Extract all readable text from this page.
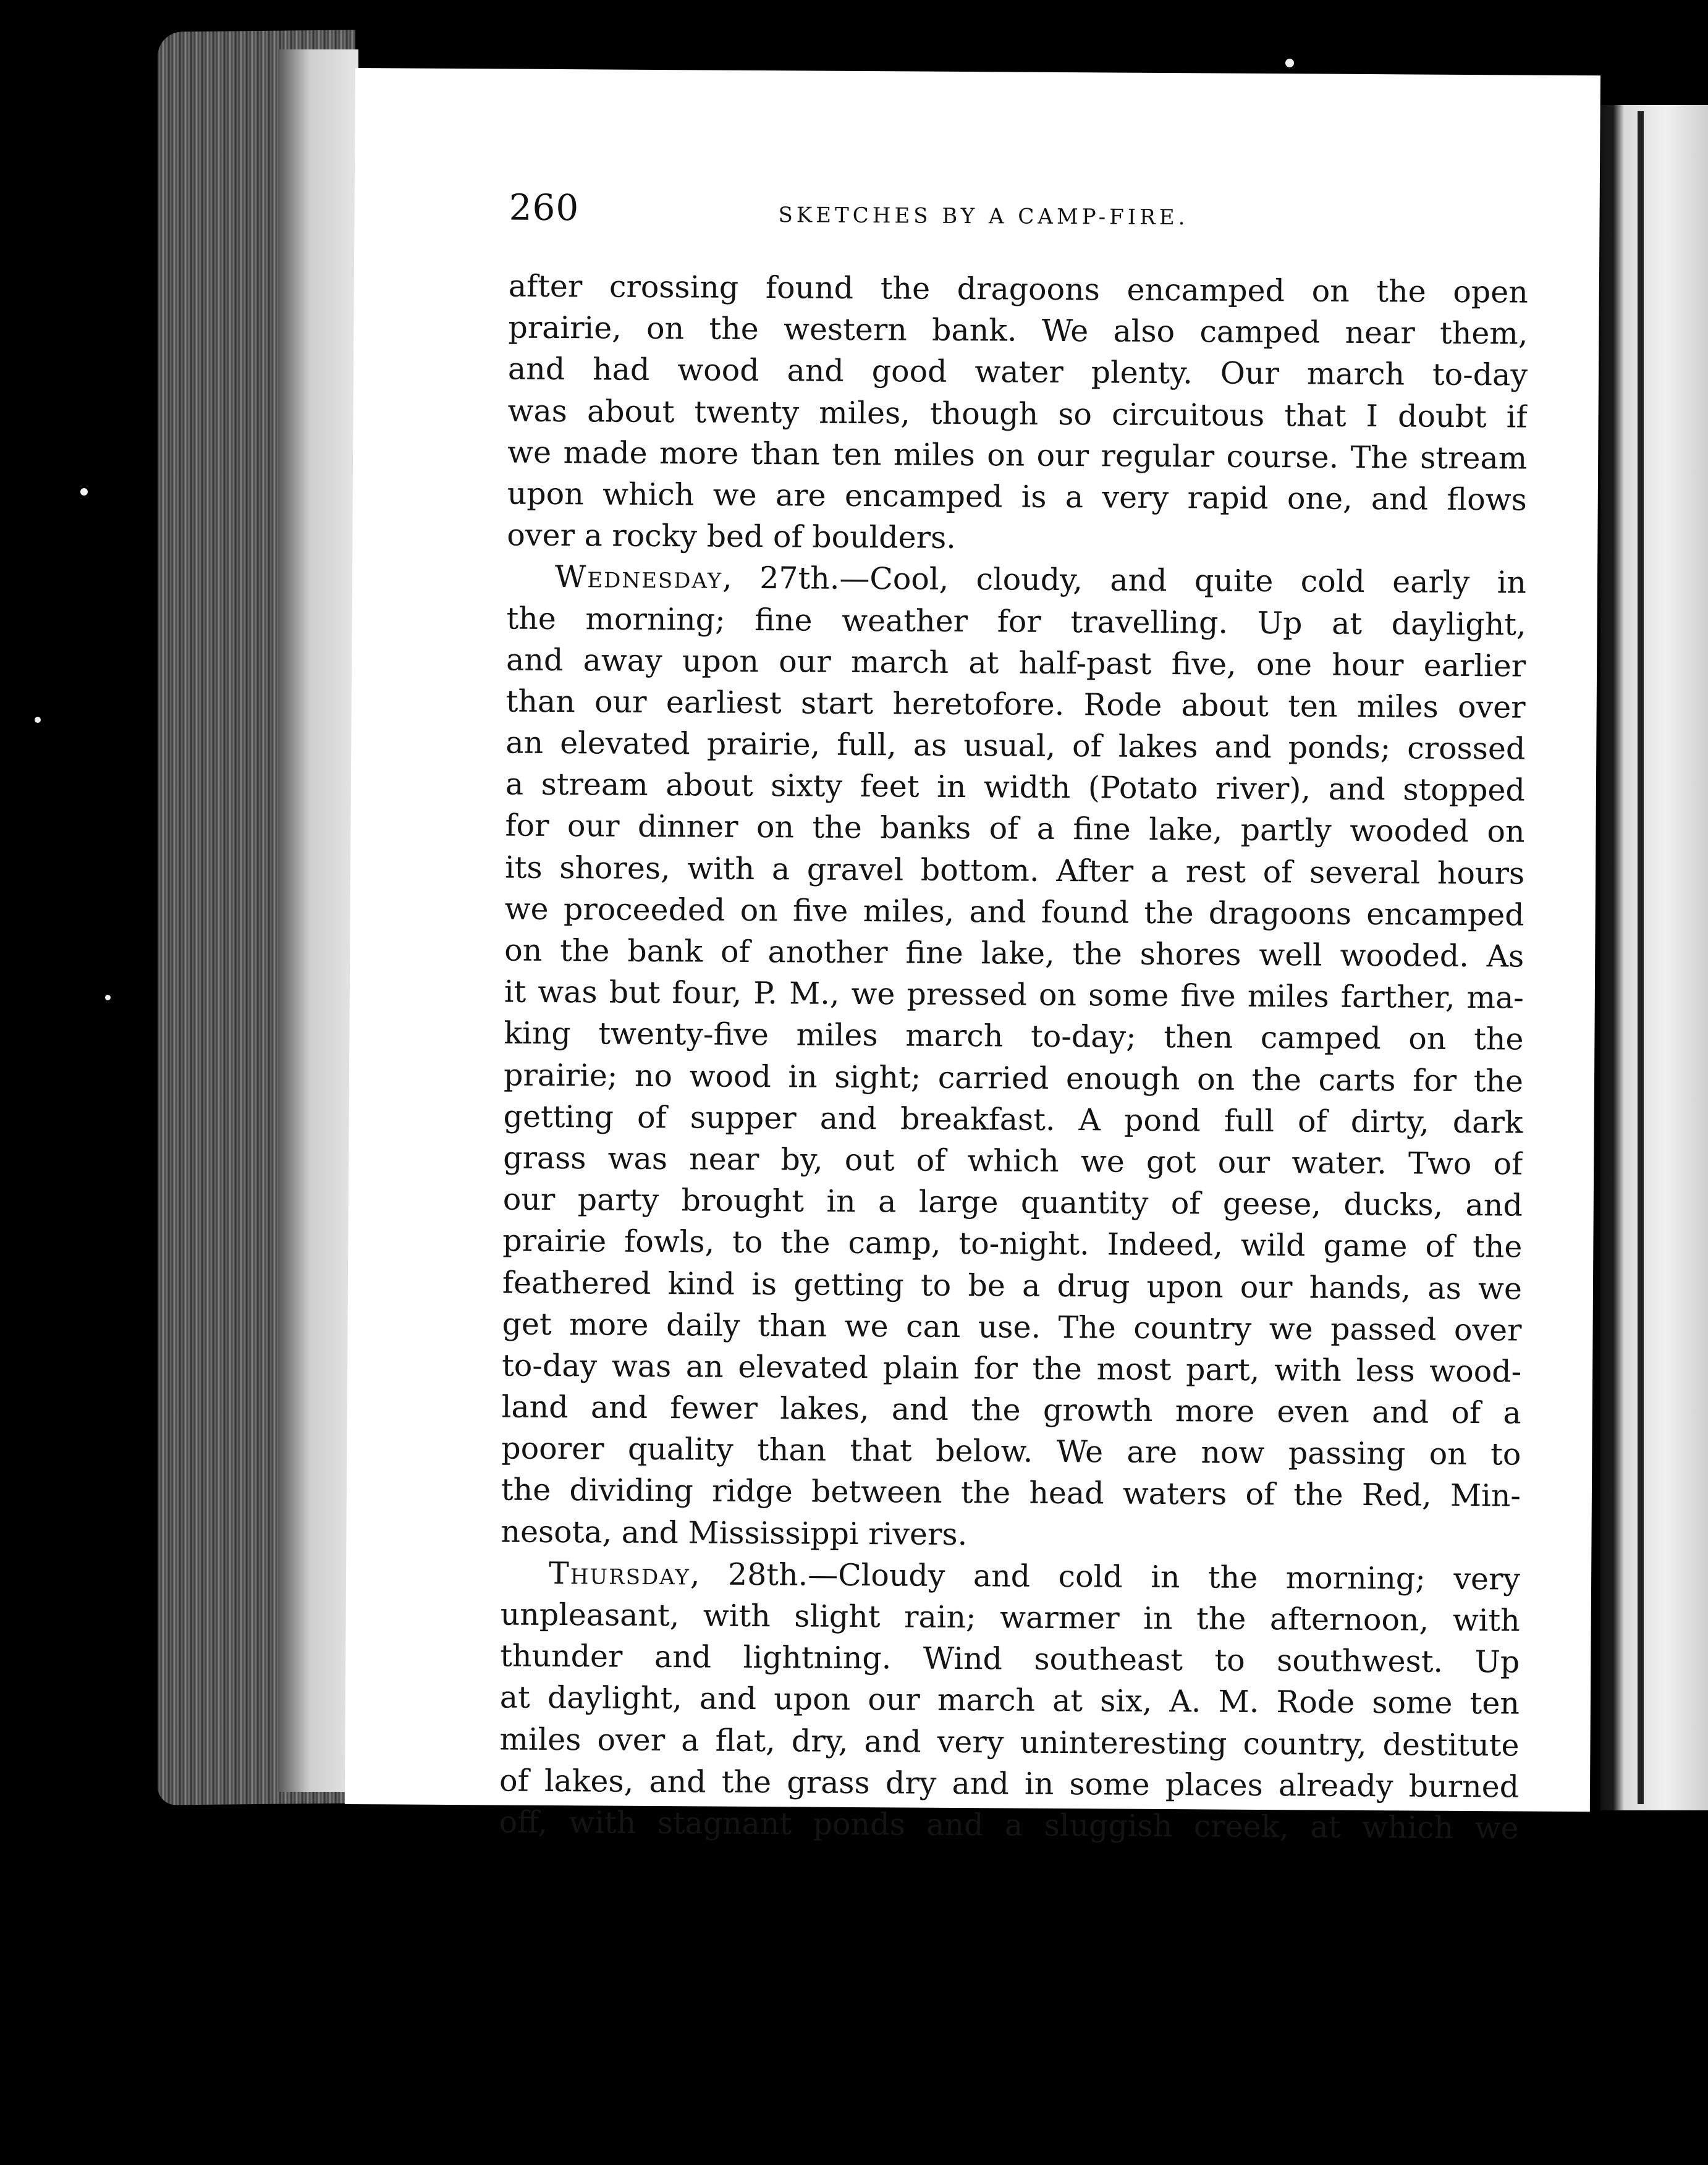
260	SKETCHES BY A CAMP-FIRE.
after crossing found the dragoons encamped on the open
prairie, on the western bank. We also camped near them,
and had wood and good water plenty. Our march to-day
was about twenty miles, though so circuitous that I doubt if
we made more than ten miles on our regular course. The stream
upon which we are encamped is a very rapid one, and flows
over a rocky bed of boulders.
Wednesday, 27th.—Cool, cloudy, and quite cold early in
the morning; fine weather for travelling. Up at daylight,
and away upon our march at half-past five, one hour earlier
than our earliest start heretofore. Rode about ten miles over
an elevated prairie, full, as usual, of lakes and ponds; crossed
a stream about sixty feet in width (Potato river), and stopped
for our dinner on the banks of a fine lake, partly wooded on
its shores, with a gravel bottom. After a rest of several hours
we proceeded on five miles, and found the dragoons encamped
on the bank of another fine lake, the shores well wooded. As
it was but four, P. M., we pressed on some five miles farther, ma-
king twenty-five miles march to-day; then camped on the
prairie; no wood in sight; carried enough on the carts for the
getting of supper and breakfast. A pond full of dirty, dark
grass was near by, out of which we got our water. Two of
our party brought in a large quantity of geese, ducks, and
prairie fowls, to the camp, to-night. Indeed, wild game of the
feathered kind is getting to be a drug upon our hands, as we
get more daily than we can use. The country we passed over
to-day was an elevated plain for the most part, with less wood-
land and fewer lakes, and the growth more even and of a
poorer quality than that below. We are now passing on to
the dividing ridge between the head waters of the Red, Min-
nesota, and Mississippi rivers.
Thursday, 28th.—Cloudy and cold in the morning; very
unpleasant, with slight rain; warmer in the afternoon, with
thunder and lightning. Wind southeast to southwest. Up
at daylight, and upon our march at six, A. M. Rode some ten
miles over a flat, dry, and very uninteresting country, destitute
of lakes, and the grass dry and in some places already burned
off, with stagnant ponds and a sluggish creek, at which we
